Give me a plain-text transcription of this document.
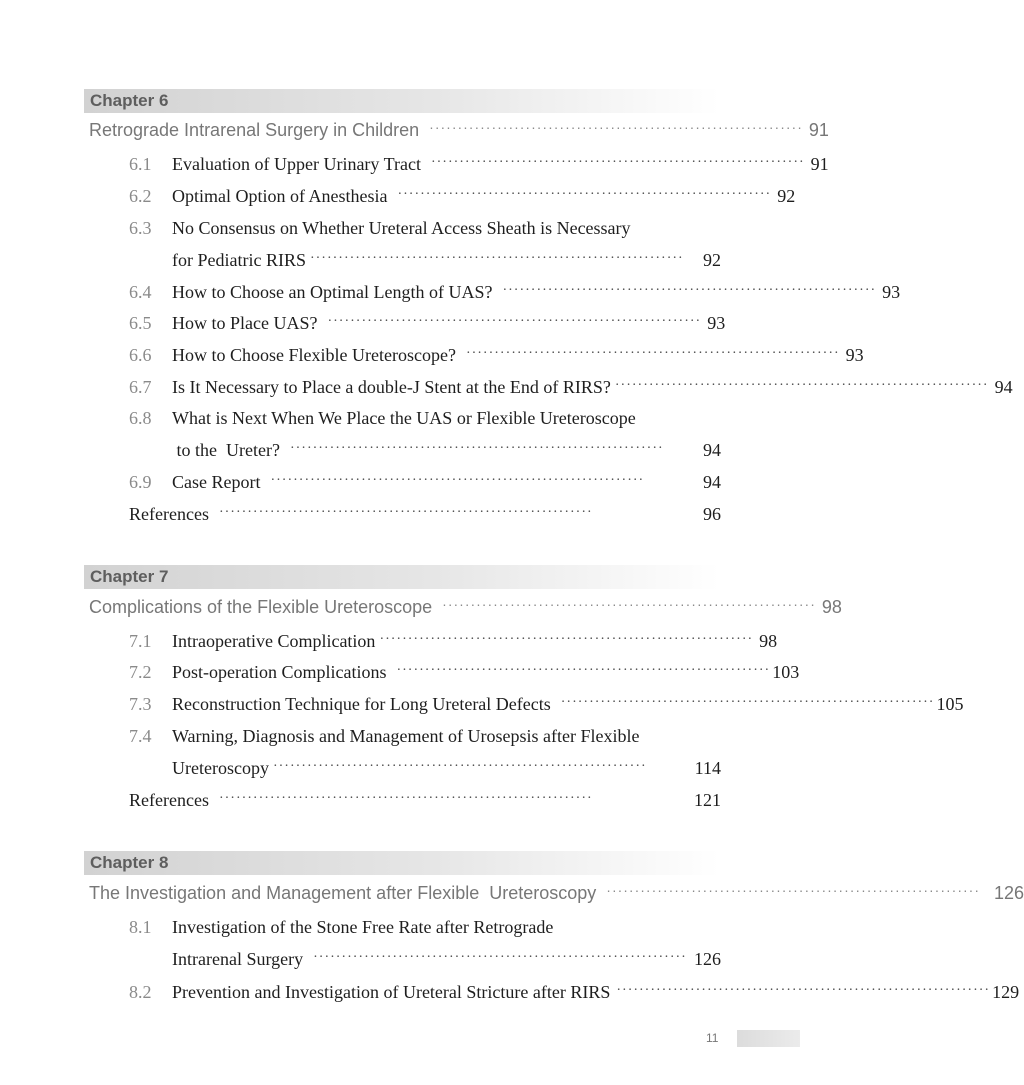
Chapter 6
Retrograde Intrarenal Surgery in Children ·································································· 91
6.1 Evaluation of Upper Urinary Tract ·································································· 91
6.2 Optimal Option of Anesthesia ·································································· 92
6.3 No Consensus on Whether Ureteral Access Sheath is Necessary
for Pediatric RIRS ··································································	92
6.4 How to Choose an Optimal Length of UAS? ·································································· 93
6.5 How to Place UAS? ·································································· 93
6.6 How to Choose Flexible Ureteroscope? ·································································· 93
6.7 Is It Necessary to Place a double-J Stent at the End of RIRS? ·································································· 94
6.8 What is Next When We Place the UAS or Flexible Ureteroscope
to the  Ureter? ··································································	94
6.9 Case Report ··································································	94
References ··································································	96
Chapter 7
Complications of the Flexible Ureteroscope ·································································· 98
7.1 Intraoperative Complication ·································································· 98
7.2 Post-operation Complications ·································································· 103
7.3 Reconstruction Technique for Long Ureteral Defects ·································································· 105
7.4 Warning, Diagnosis and Management of Urosepsis after Flexible
Ureteroscopy ··································································	114
References ··································································	121
Chapter 8
The Investigation and Management after Flexible  Ureteroscopy ·································································· 126
8.1 Investigation of the Stone Free Rate after Retrograde
Intrarenal Surgery ·································································· 126
8.2 Prevention and Investigation of Ureteral Stricture after RIRS ·································································· 129
11
